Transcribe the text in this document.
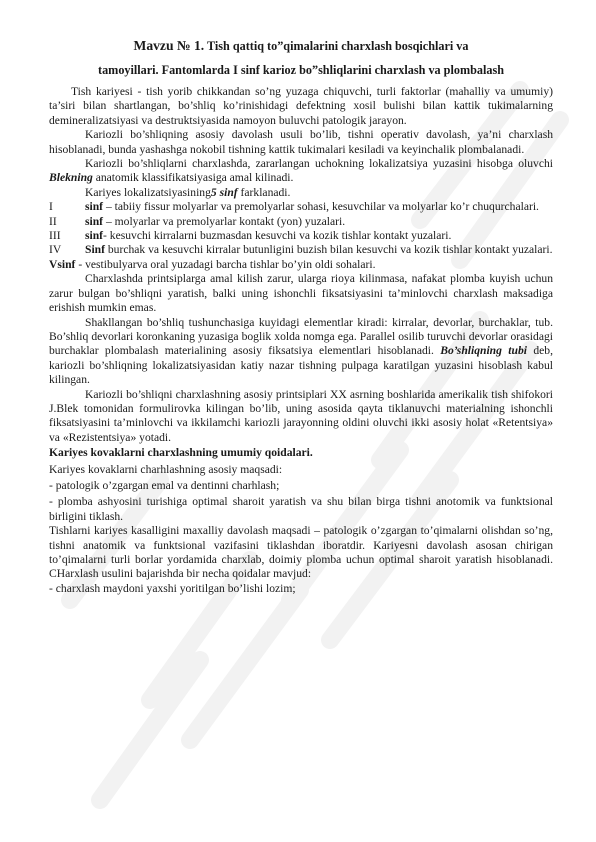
Mavzu № 1. Tish qattiq to”qimalarini charxlash bosqichlari va

tamoyillari. Fantomlarda I sinf karioz bo”shliqlarini charxlash va plombalash

Tish kariyesi - tish yorib chikkandan so’ng yuzaga chiquvchi, turli faktorlar (mahalliy va umumiy) ta’siri bilan shartlangan, bo’shliq ko’rinishidagi defektning xosil bulishi bilan kattik tukimalarning demineralizatsiyasi va destruktsiyasida namoyon buluvchi patologik jarayon.

Kariozli bo’shliqning asosiy davolash usuli bo’lib, tishni operativ davolash, ya’ni charxlash hisoblanadi, bunda yashashga nokobil tishning kattik tukimalari kesiladi va keyinchalik plombalanadi.

Kariozli bo’shliqlarni charxlashda, zararlangan uchokning lokalizatsiya yuzasini hisobga oluvchi Blekning anatomik klassifikatsiyasiga amal kilinadi.

Kariyes lokalizatsiyasining5 sinf farklanadi.

I	sinf – tabiiy fissur molyarlar va premolyarlar sohasi, kesuvchilar va molyarlar ko’r chuqurchalari.
II	sinf – molyarlar va premolyarlar kontakt (yon) yuzalari.
III	sinf- kesuvchi kirralarni buzmasdan kesuvchi va kozik tishlar kontakt yuzalari.
IV	Sinf burchak va kesuvchi kirralar butunligini buzish bilan kesuvchi va kozik tishlar kontakt yuzalari.

Vsinf - vestibulyarva oral yuzadagi barcha tishlar bo’yin oldi sohalari.

Charxlashda printsiplarga amal kilish zarur, ularga rioya kilinmasa, nafakat plomba kuyish uchun zarur bulgan bo’shliqni yaratish, balki uning ishonchli fiksatsiyasini ta’minlovchi charxlash maksadiga erishish mumkin emas.

Shakllangan bo’shliq tushunchasiga kuyidagi elementlar kiradi: kirralar, devorlar, burchaklar, tub. Bo’shliq devorlari koronkaning yuzasiga boglik xolda nomga ega. Parallel osilib turuvchi devorlar orasidagi burchaklar plombalash materialining asosiy fiksatsiya elementlari hisoblanadi. Bo’shliqning tubi deb, kariozli bo’shliqning lokalizatsiyasidan katiy nazar tishning pulpaga karatilgan yuzasini hisoblash kabul kilingan.

Kariozli bo’shliqni charxlashning asosiy printsiplari XX asrning boshlarida amerikalik tish shifokori J.Blek tomonidan formulirovka kilingan bo’lib, uning asosida qayta tiklanuvchi materialning ishonchli fiksatsiyasini ta’minlovchi va ikkilamchi kariozli jarayonning oldini oluvchi ikki asosiy holat «Retentsiya» va «Rezistentsiya» yotadi.

Kariyes kovaklarni charxlashning umumiy qoidalari.

Kariyes kovaklarni charhlashning asosiy maqsadi:

- patologik o’zgargan emal va dentinni charhlash;

- plomba ashyosini turishiga optimal sharoit yaratish va shu bilan birga tishni anotomik va funktsional birligini tiklash.

Tishlarni kariyes kasalligini maxalliy davolash maqsadi – patologik o’zgargan to’qimalarni olishdan so’ng, tishni anatomik va funktsional vazifasini tiklashdan iboratdir. Kariyesni davolash asosan chirigan to’qimalarni turli borlar yordamida charxlab, doimiy plomba uchun optimal sharoit yaratish hisoblanadi. CHarxlash usulini bajarishda bir necha qoidalar mavjud:

- charxlash maydoni yaxshi yoritilgan bo’lishi lozim;
